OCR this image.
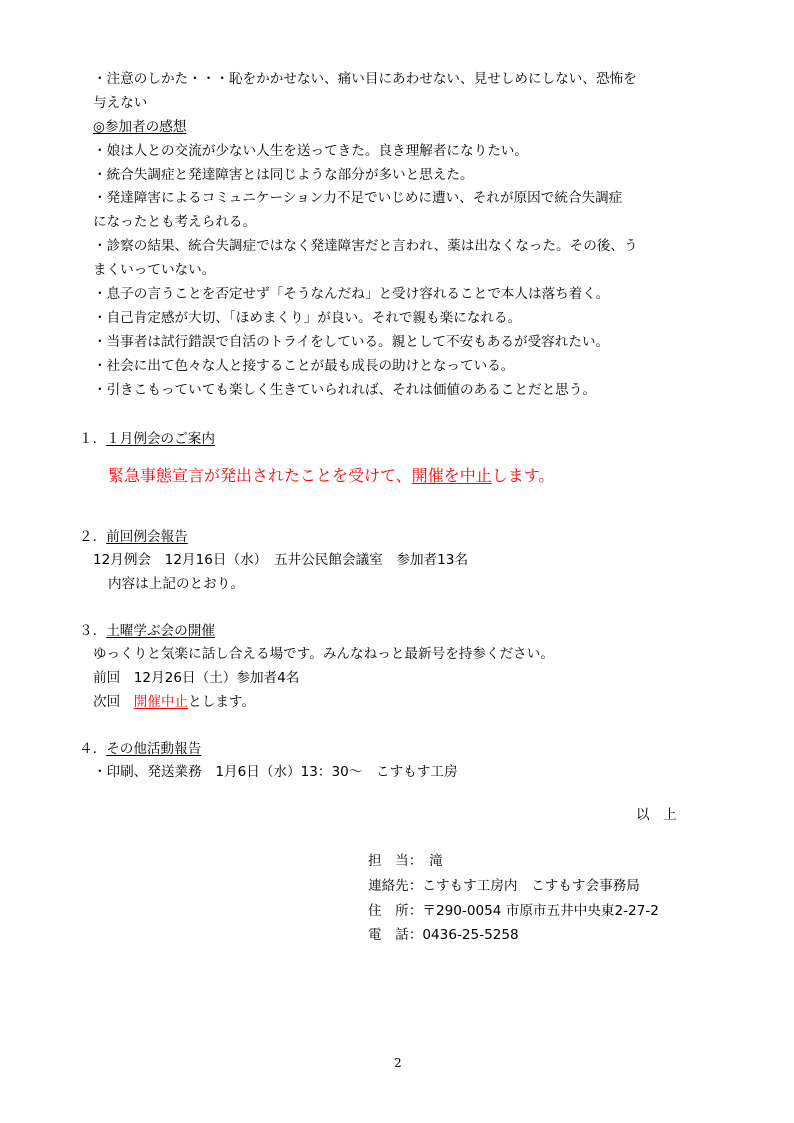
・注意のしかた・・・恥をかかせない、痛い目にあわせない、見せしめにしない、恐怖を
与えない
◎参加者の感想
・娘は人との交流が少ない人生を送ってきた。良き理解者になりたい。
・統合失調症と発達障害とは同じような部分が多いと思えた。
・発達障害によるコミュニケーション力不足でいじめに遭い、それが原因で統合失調症
になったとも考えられる。
・診察の結果、統合失調症ではなく発達障害だと言われ、薬は出なくなった。その後、う
まくいっていない。
・息子の言うことを否定せず「そうなんだね」と受け容れることで本人は落ち着く。
・自己肯定感が大切、「ほめまくり」が良い。それで親も楽になれる。
・当事者は試行錯誤で自活のトライをしている。親として不安もあるが受容れたい。
・社会に出て色々な人と接することが最も成長の助けとなっている。
・引きこもっていても楽しく生きていられれば、それは価値のあることだと思う。
１．１月例会のご案内
緊急事態宣言が発出されたことを受けて、開催を中止します。
２．前回例会報告
12月例会　12月16日（水）　五井公民館会議室　参加者13名
内容は上記のとおり。
３．土曜学ぶ会の開催
ゆっくりと気楽に話し合える場です。みんなねっと最新号を持参ください。
前回　12月26日（土）参加者4名
次回　開催中止とします。
４．その他活動報告
・印刷、発送業務　1月6日（水）13：30～　こすもす工房
以　上
担　当：　滝
連絡先：こすもす工房内　こすもす会事務局
住　所：〒290-0054 市原市五井中央東2-27-2
電　話：0436-25-5258
2
